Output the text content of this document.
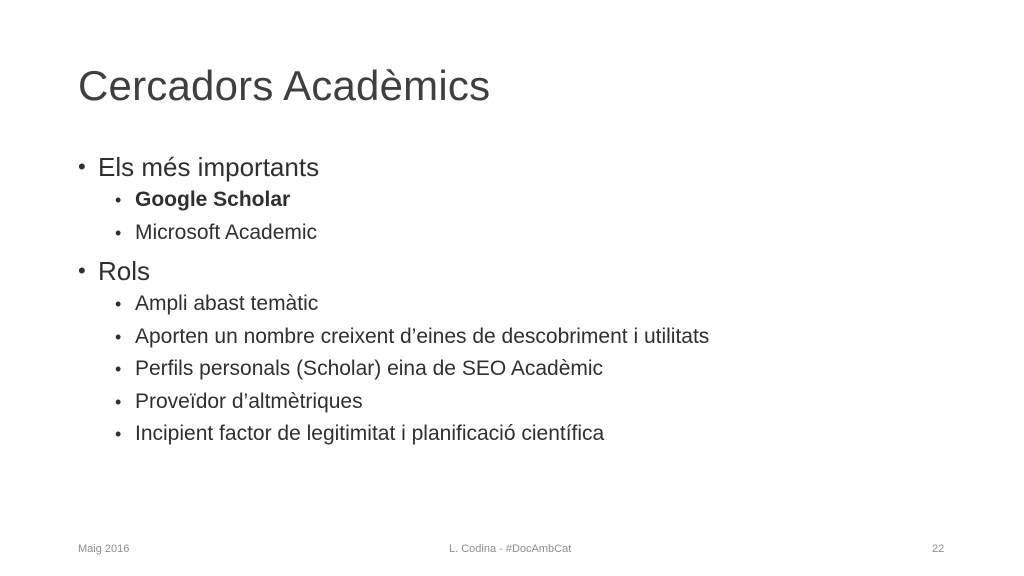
Cercadors Acadèmics
• Els més importants
• Google Scholar
• Microsoft Academic
• Rols
• Ampli abast temàtic
• Aporten un nombre creixent d’eines de descobriment i utilitats
• Perfils personals (Scholar) eina de SEO Acadèmic
• Proveïdor d’altmètriques
• Incipient factor de legitimitat i planificació científica
Maig 2016	L. Codina - #DocAmbCat	22
